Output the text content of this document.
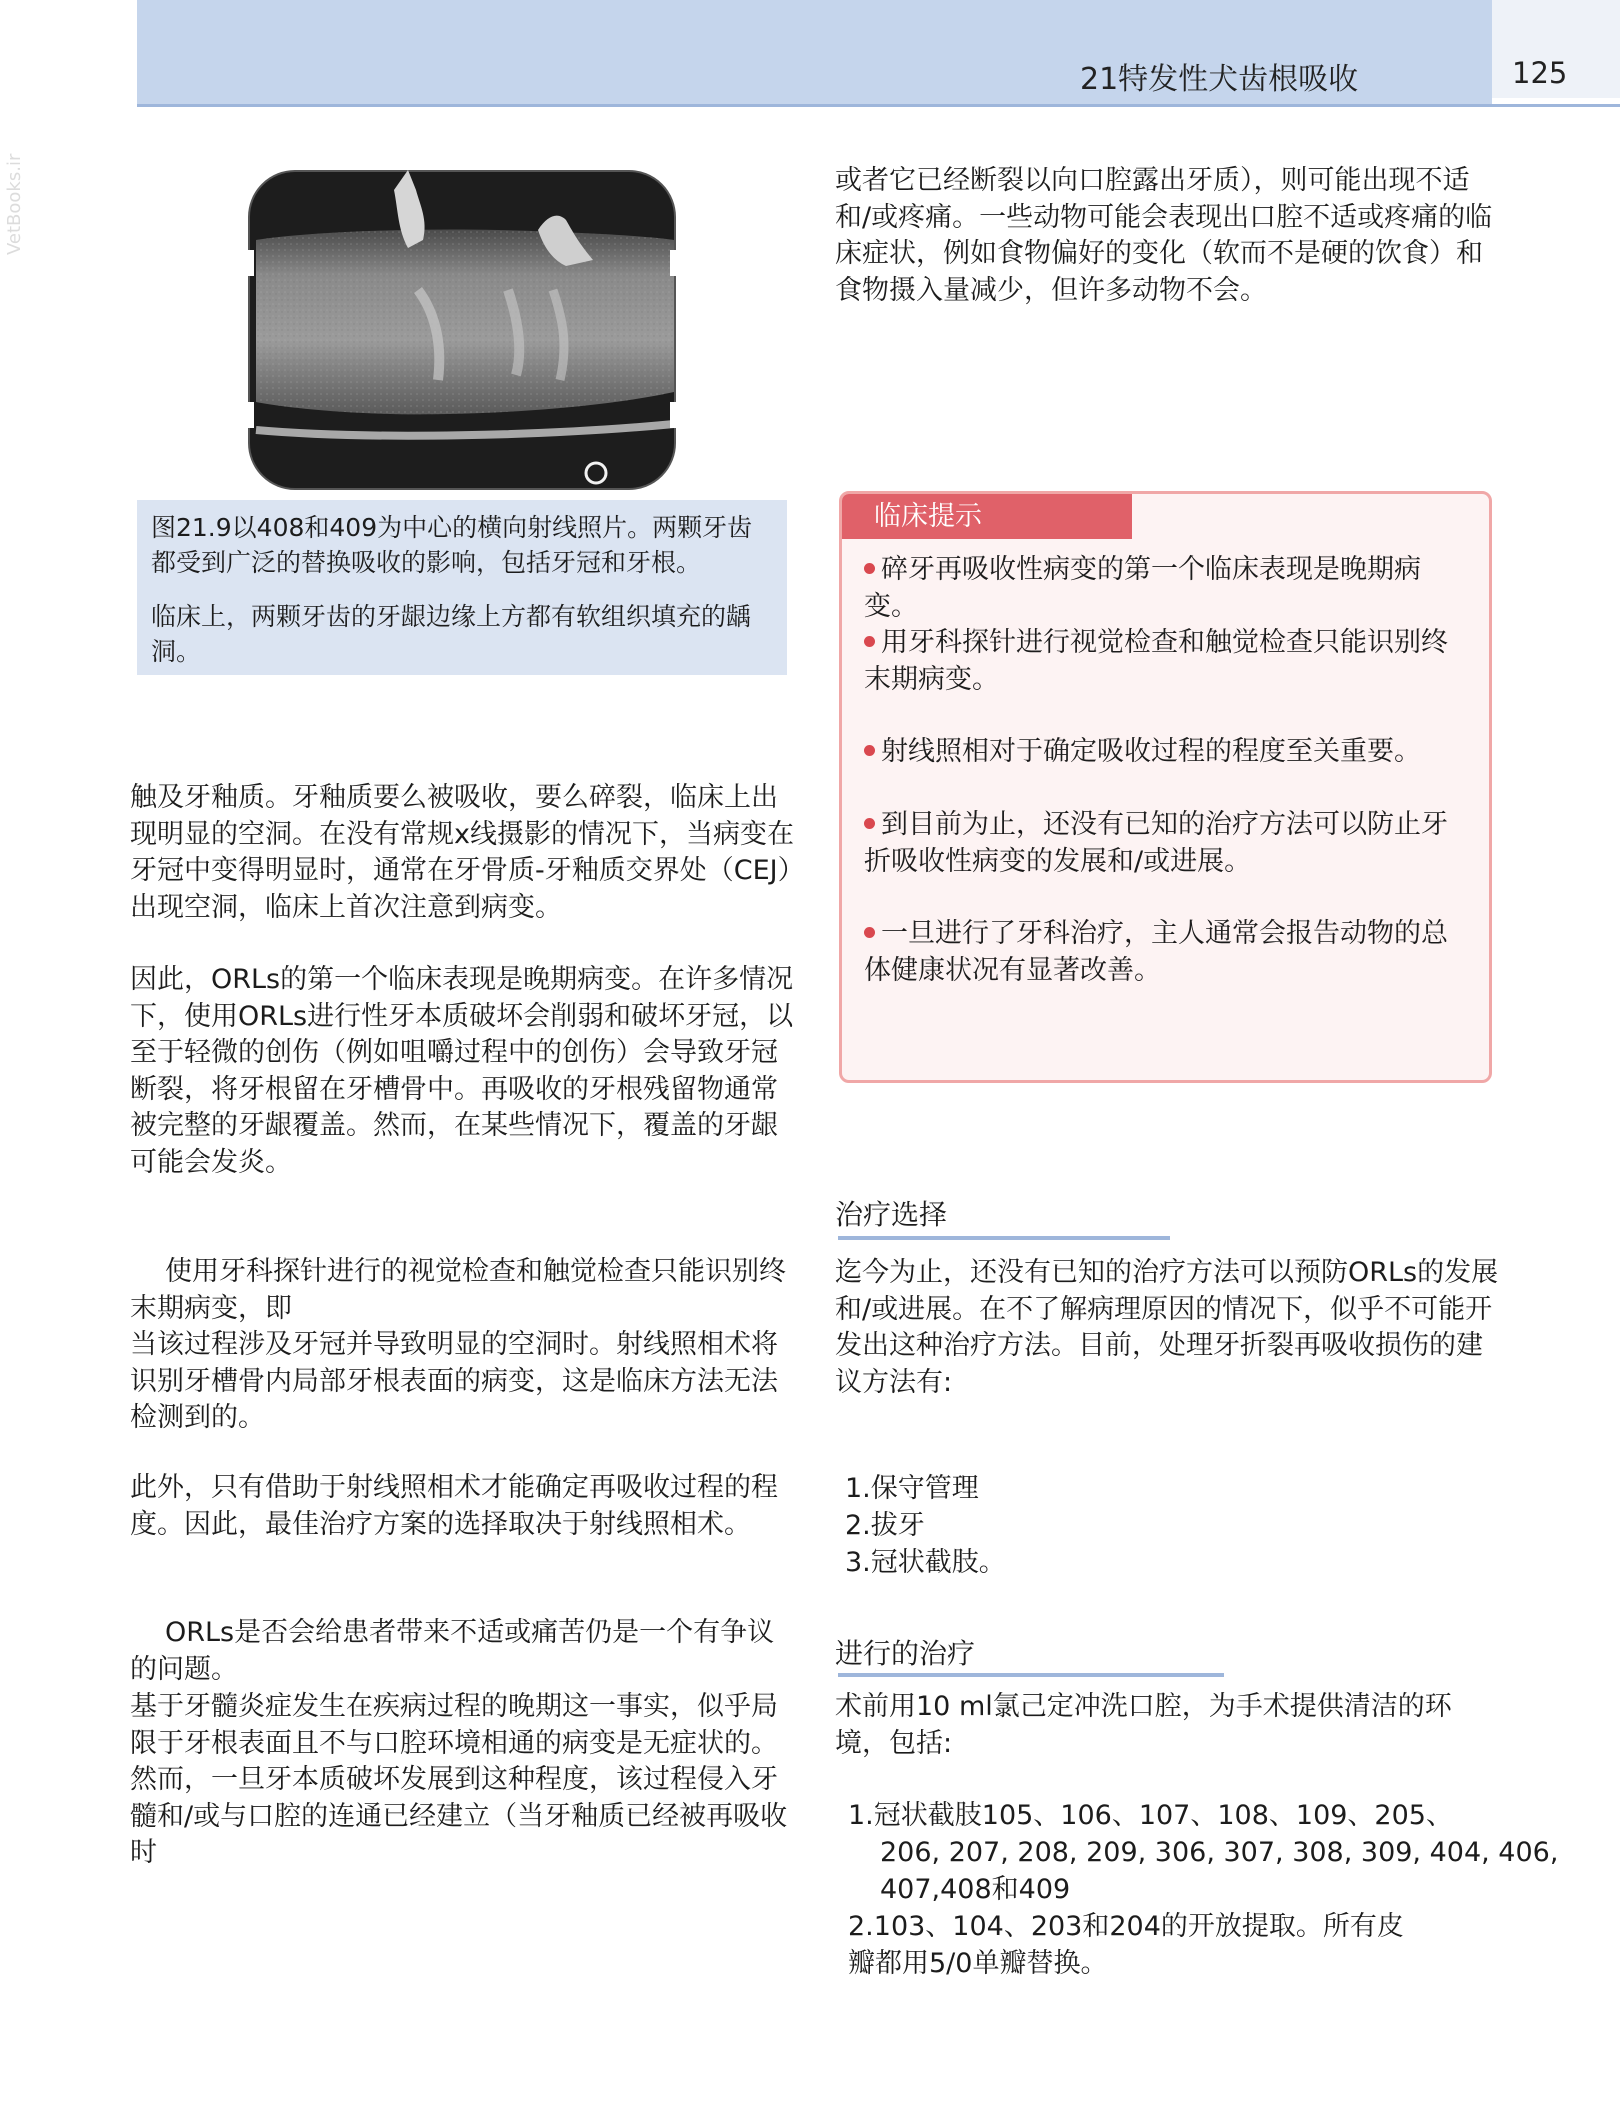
21特发性犬齿根吸收	125
VetBooks.ir

图21.9以408和409为中心的横向射线照片。两颗牙齿都受到广泛的替换吸收的影响，包括牙冠和牙根。

临床上，两颗牙齿的牙龈边缘上方都有软组织填充的龋洞。

触及牙釉质。牙釉质要么被吸收，要么碎裂，临床上出现明显的空洞。在没有常规x线摄影的情况下，当病变在牙冠中变得明显时，通常在牙骨质-牙釉质交界处（CEJ）出现空洞，临床上首次注意到病变。

因此，ORLs的第一个临床表现是晚期病变。在许多情况下，使用ORLs进行性牙本质破坏会削弱和破坏牙冠，以至于轻微的创伤（例如咀嚼过程中的创伤）会导致牙冠断裂，将牙根留在牙槽骨中。再吸收的牙根残留物通常被完整的牙龈覆盖。然而，在某些情况下，覆盖的牙龈可能会发炎。

使用牙科探针进行的视觉检查和触觉检查只能识别终末期病变，即

当该过程涉及牙冠并导致明显的空洞时。射线照相术将识别牙槽骨内局部牙根表面的病变，这是临床方法无法检测到的。

此外，只有借助于射线照相术才能确定再吸收过程的程度。因此，最佳治疗方案的选择取决于射线照相术。

ORLs是否会给患者带来不适或痛苦仍是一个有争议的问题。

基于牙髓炎症发生在疾病过程的晚期这一事实，似乎局限于牙根表面且不与口腔环境相通的病变是无症状的。然而，一旦牙本质破坏发展到这种程度，该过程侵入牙髓和/或与口腔的连通已经建立（当牙釉质已经被再吸收时

或者它已经断裂以向口腔露出牙质），则可能出现不适和/或疼痛。一些动物可能会表现出口腔不适或疼痛的临床症状，例如食物偏好的变化（软而不是硬的饮食）和食物摄入量减少，但许多动物不会。

临床提示
碎牙再吸收性病变的第一个临床表现是晚期病变。
用牙科探针进行视觉检查和触觉检查只能识别终末期病变。
射线照相对于确定吸收过程的程度至关重要。
到目前为止，还没有已知的治疗方法可以防止牙折吸收性病变的发展和/或进展。
一旦进行了牙科治疗，主人通常会报告动物的总体健康状况有显著改善。
治疗选择

迄今为止，还没有已知的治疗方法可以预防ORLs的发展和/或进展。在不了解病理原因的情况下，似乎不可能开发出这种治疗方法。目前，处理牙折裂再吸收损伤的建议方法有:

1.保守管理
2.拔牙
3.冠状截肢。
进行的治疗

术前用10 ml氯己定冲洗口腔，为手术提供清洁的环境，包括:

1.冠状截肢105、106、107、108、109、205、
206, 207, 208, 209, 306, 307, 308, 309, 404, 406,
407,408和409
2.103、104、203和204的开放提取。所有皮
瓣都用5/0单瓣替换。
